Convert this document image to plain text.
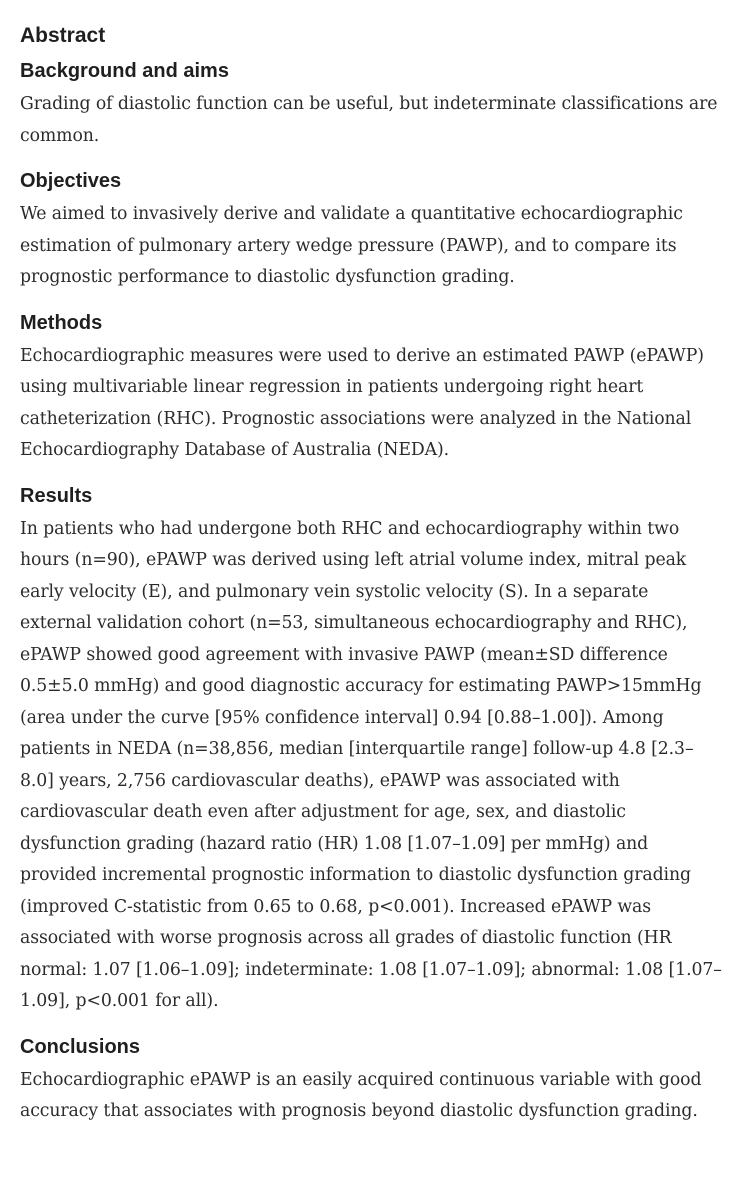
Abstract
Background and aims

Grading of diastolic function can be useful, but indeterminate classifications are common.

Objectives

We aimed to invasively derive and validate a quantitative echocardiographic estimation of pulmonary artery wedge pressure (PAWP), and to compare its prognostic performance to diastolic dysfunction grading.

Methods

Echocardiographic measures were used to derive an estimated PAWP (ePAWP) using multivariable linear regression in patients undergoing right heart catheterization (RHC). Prognostic associations were analyzed in the National Echocardiography Database of Australia (NEDA).

Results

In patients who had undergone both RHC and echocardiography within two hours (n=90), ePAWP was derived using left atrial volume index, mitral peak early velocity (E), and pulmonary vein systolic velocity (S). In a separate external validation cohort (n=53, simultaneous echocardiography and RHC), ePAWP showed good agreement with invasive PAWP (mean±SD difference 0.5±5.0 mmHg) and good diagnostic accuracy for estimating PAWP>15mmHg (area under the curve [95% confidence interval] 0.94 [0.88–1.00]). Among patients in NEDA (n=38,856, median [interquartile range] follow-up 4.8 [2.3–8.0] years, 2,756 cardiovascular deaths), ePAWP was associated with cardiovascular death even after adjustment for age, sex, and diastolic dysfunction grading (hazard ratio (HR) 1.08 [1.07–1.09] per mmHg) and provided incremental prognostic information to diastolic dysfunction grading (improved C-statistic from 0.65 to 0.68, p<0.001). Increased ePAWP was associated with worse prognosis across all grades of diastolic function (HR normal: 1.07 [1.06–1.09]; indeterminate: 1.08 [1.07–1.09]; abnormal: 1.08 [1.07–1.09], p<0.001 for all).

Conclusions

Echocardiographic ePAWP is an easily acquired continuous variable with good accuracy that associates with prognosis beyond diastolic dysfunction grading.
